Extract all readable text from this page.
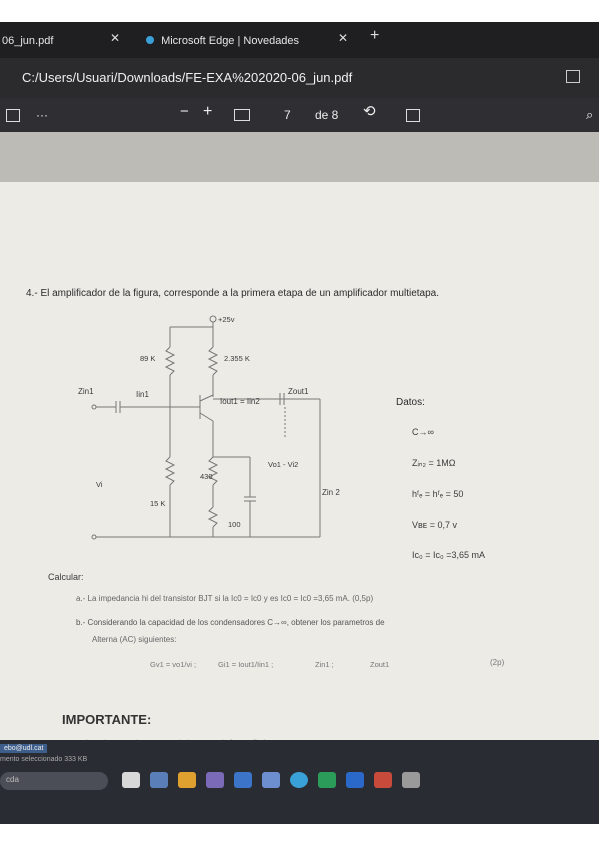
06_jun.pdf	✕	Microsoft Edge | Novedades	✕ +
C:/Users/Usuari/Downloads/FE-EXA%202020-06_jun.pdf
···	− +	7 de 8 ⟲	⌕
4.- El amplificador de la figura, corresponde a la primera etapa de un amplificador multietapa.
+25v
89 K	2.355 K
Zin1	Iin1
Iout1 = Iin2
Zout1
Vo1 - Vi2
430
Vi
15 K
100
Zin 2
Datos:
C→∞
Zᵢₙ₂ = 1MΩ
hᶠₑ = hᶠₑ = 50
Vʙᴇ = 0,7 v
Iᴄ₀ = Iᴄ₀ =3,65 mA
Calcular:
a.- La impedancia hi del transistor BJT si la Ic0 = Ic0 y es Ic0 = Ic0 =3,65 mA. (0,5p)
b.- Considerando la capacidad de los condensadores C→∞, obtener los parametros de
Alterna (AC) siguientes:
Gv1 = vo1/vi ;	Gi1 = Iout1/Iin1 ;	Zin1 ;	Zout1	(2p)
IMPORTANTE:
ebo@udl.cat
mento seleccionado 333 KB
cda
